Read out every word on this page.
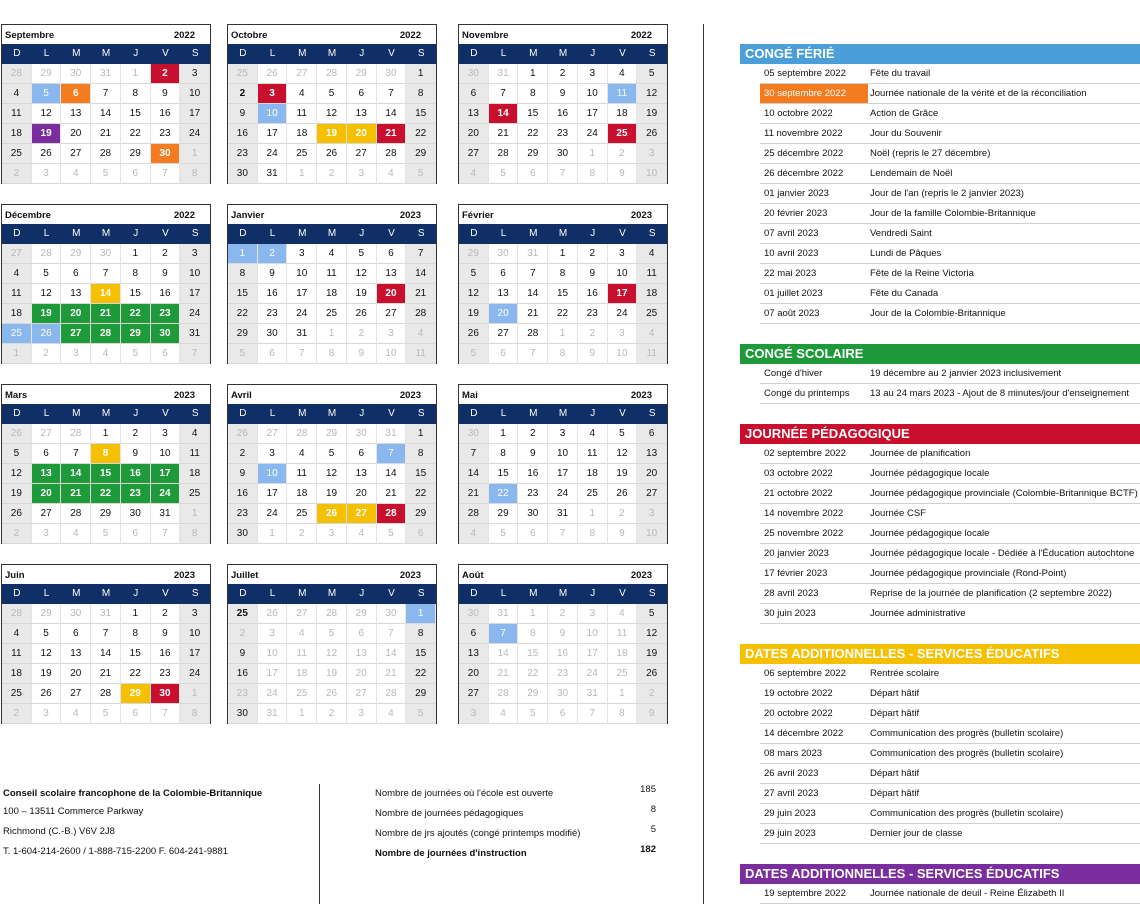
Septembre	2022
D	L	M	M	J	V	S
28	29	30	31	1	2	3
4	5	6	7	8	9	10
11	12	13	14	15	16	17
18	19	20	21	22	23	24
25	26	27	28	29	30	1
2	3	4	5	6	7	8
Octobre	2022
D	L	M	M	J	V	S
25	26	27	28	29	30	1
2	3	4	5	6	7	8
9	10	11	12	13	14	15
16	17	18	19	20	21	22
23	24	25	26	27	28	29
30	31	1	2	3	4	5
Novembre	2022
D	L	M	M	J	V	S
30	31	1	2	3	4	5
6	7	8	9	10	11	12
13	14	15	16	17	18	19
20	21	22	23	24	25	26
27	28	29	30	1	2	3
4	5	6	7	8	9	10
Décembre	2022
D	L	M	M	J	V	S
27	28	29	30	1	2	3
4	5	6	7	8	9	10
11	12	13	14	15	16	17
18	19	20	21	22	23	24
25	26	27	28	29	30	31
1	2	3	4	5	6	7
Janvier	2023
D	L	M	M	J	V	S
1	2	3	4	5	6	7
8	9	10	11	12	13	14
15	16	17	18	19	20	21
22	23	24	25	26	27	28
29	30	31	1	2	3	4
5	6	7	8	9	10	11
Février	2023
D	L	M	M	J	V	S
29	30	31	1	2	3	4
5	6	7	8	9	10	11
12	13	14	15	16	17	18
19	20	21	22	23	24	25
26	27	28	1	2	3	4
5	6	7	8	9	10	11
Mars	2023
D	L	M	M	J	V	S
26	27	28	1	2	3	4
5	6	7	8	9	10	11
12	13	14	15	16	17	18
19	20	21	22	23	24	25
26	27	28	29	30	31	1
2	3	4	5	6	7	8
Avril	2023
D	L	M	M	J	V	S
26	27	28	29	30	31	1
2	3	4	5	6	7	8
9	10	11	12	13	14	15
16	17	18	19	20	21	22
23	24	25	26	27	28	29
30	1	2	3	4	5	6
Mai	2023
D	L	M	M	J	V	S
30	1	2	3	4	5	6
7	8	9	10	11	12	13
14	15	16	17	18	19	20
21	22	23	24	25	26	27
28	29	30	31	1	2	3
4	5	6	7	8	9	10
Juin	2023
D	L	M	M	J	V	S
28	29	30	31	1	2	3
4	5	6	7	8	9	10
11	12	13	14	15	16	17
18	19	20	21	22	23	24
25	26	27	28	29	30	1
2	3	4	5	6	7	8
Juillet	2023
D	L	M	M	J	V	S
25	26	27	28	29	30	1
2	3	4	5	6	7	8
9	10	11	12	13	14	15
16	17	18	19	20	21	22
23	24	25	26	27	28	29
30	31	1	2	3	4	5
Août	2023
D	L	M	M	J	V	S
30	31	1	2	3	4	5
6	7	8	9	10	11	12
13	14	15	16	17	18	19
20	21	22	23	24	25	26
27	28	29	30	31	1	2
3	4	5	6	7	8	9
Conseil scolaire francophone de la Colombie-Britannique
100 – 13511 Commerce Parkway
Richmond (C.-B.) V6V 2J8
T. 1-604-214-2600 / 1-888-715-2200 F. 604-241-9881
Nombre de journées où l'école est ouverte	185
Nombre de journées pédagogiques	8
Nombre de jrs ajoutés (congé printemps modifié)	5
Nombre de journées d'instruction	182
CONGÉ FÉRIÉ
05 septembre 2022	Fête du travail
30 septembre 2022	Journée nationale de la vérité et de la réconciliation
10 octobre 2022	Action de Grâce
11 novembre 2022	Jour du Souvenir
25 décembre 2022	Noël (repris le 27 décembre)
26 décembre 2022	Lendemain de Noël
01 janvier 2023	Jour de l'an (repris le 2 janvier 2023)
20 février 2023	Jour de la famille Colombie-Britannique
07 avril 2023	Vendredi Saint
10 avril 2023	Lundi de Pâques
22 mai 2023	Fête de la Reine Victoria
01 juillet 2023	Fête du Canada
07 août 2023	Jour de la Colombie-Britannique
CONGÉ SCOLAIRE
Congé d'hiver	19 décembre au 2 janvier 2023 inclusivement
Congé du printemps	13 au 24 mars 2023 - Ajout de 8 minutes/jour d'enseignement
JOURNÉE PÉDAGOGIQUE
02 septembre 2022	Journée de planification
03 octobre 2022	Journée pédagogique locale
21 octobre 2022	Journée pédagogique provinciale (Colombie-Britannique BCTF)
14 novembre 2022	Journée CSF
25 novembre 2022	Journée pédagogique locale
20 janvier 2023	Journée pédagogique locale - Dédiée à l'Éducation autochtone
17 février 2023	Journée pédagogique provinciale (Rond-Point)
28 avril 2023	Reprise de la journée de planification (2 septembre 2022)
30 juin 2023	Journée administrative
DATES ADDITIONNELLES - SERVICES ÉDUCATIFS
06 septembre 2022	Rentrée scolaire
19 octobre 2022	Départ hâtif
20 octobre 2022	Départ hâtif
14 décembre 2022	Communication des progrès (bulletin scolaire)
08 mars 2023	Communication des progrès (bulletin scolaire)
26 avril 2023	Départ hâtif
27 avril 2023	Départ hâtif
29 juin 2023	Communication des progrès (bulletin scolaire)
29 juin 2023	Dernier jour de classe
DATES ADDITIONNELLES - SERVICES ÉDUCATIFS
19 septembre 2022	Journée nationale de deuil - Reine Élizabeth II
